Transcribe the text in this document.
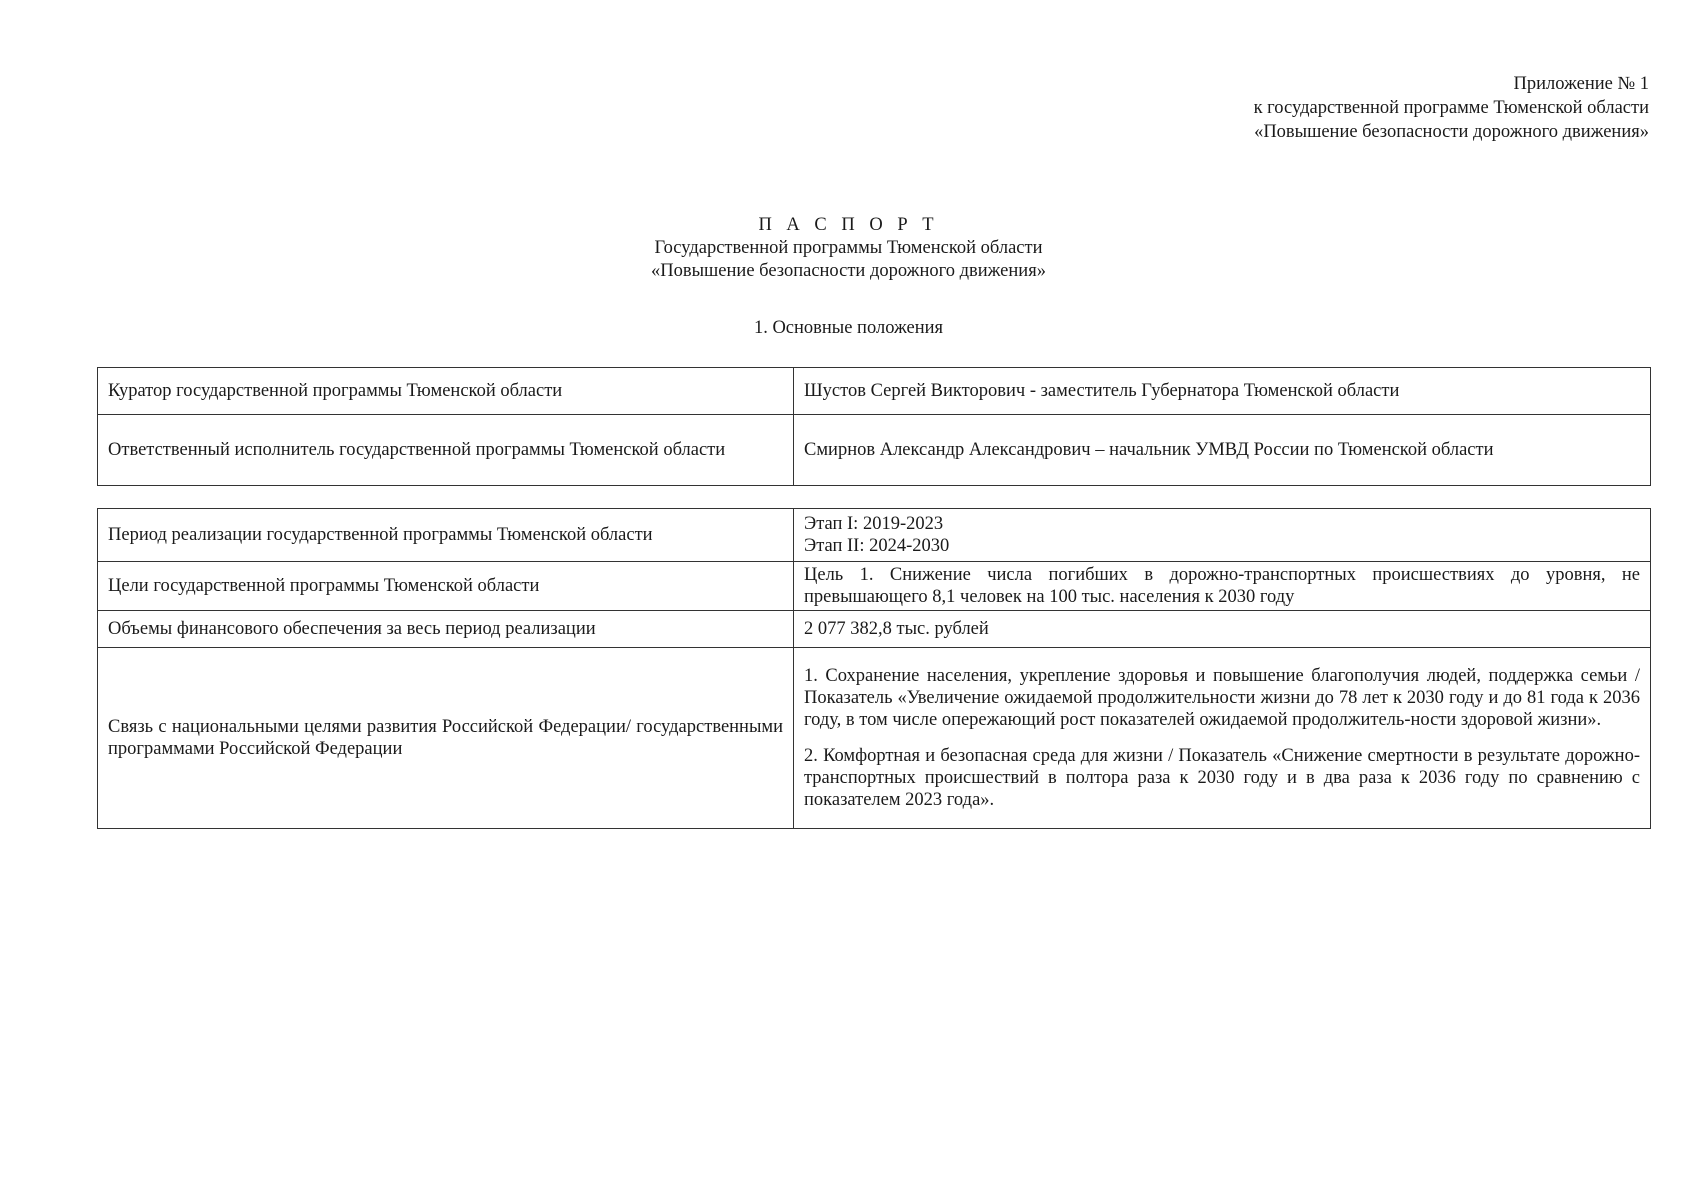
Приложение № 1
к государственной программе Тюменской области
«Повышение безопасности дорожного движения»
П А С П О Р Т
Государственной программы Тюменской области
«Повышение безопасности дорожного движения»
1. Основные положения
Куратор государственной программы Тюменской области	Шустов Сергей Викторович - заместитель Губернатора Тюменской области
Ответственный исполнитель государственной программы Тюменской области	Смирнов Александр Александрович – начальник УМВД России по Тюменской области
Период реализации государственной программы Тюменской области	Этап I: 2019-2023
Этап II: 2024-2030

Цели государственной программы Тюменской области	Цель 1. Снижение числа погибших в дорожно-транспортных происшествиях до уровня, не превышающего 8,1 человек на 100 тыс. населения к 2030 году
Объемы финансового обеспечения за весь период реализации	2 077 382,8 тыс. рублей
Связь с национальными целями развития Российской Федерации/ государственными программами Российской Федерации	1. Сохранение населения, укрепление здоровья и повышение благополучия людей, поддержка семьи / Показатель «Увеличение ожидаемой продолжительности жизни до 78 лет к 2030 году и до 81 года к 2036 году, в том числе опережающий рост показателей ожидаемой продолжитель-ности здоровой жизни».

2. Комфортная и безопасная среда для жизни / Показатель «Снижение смертности в результате дорожно-транспортных происшествий в полтора раза к 2030 году и в два раза к 2036 году по сравнению с показателем 2023 года».
